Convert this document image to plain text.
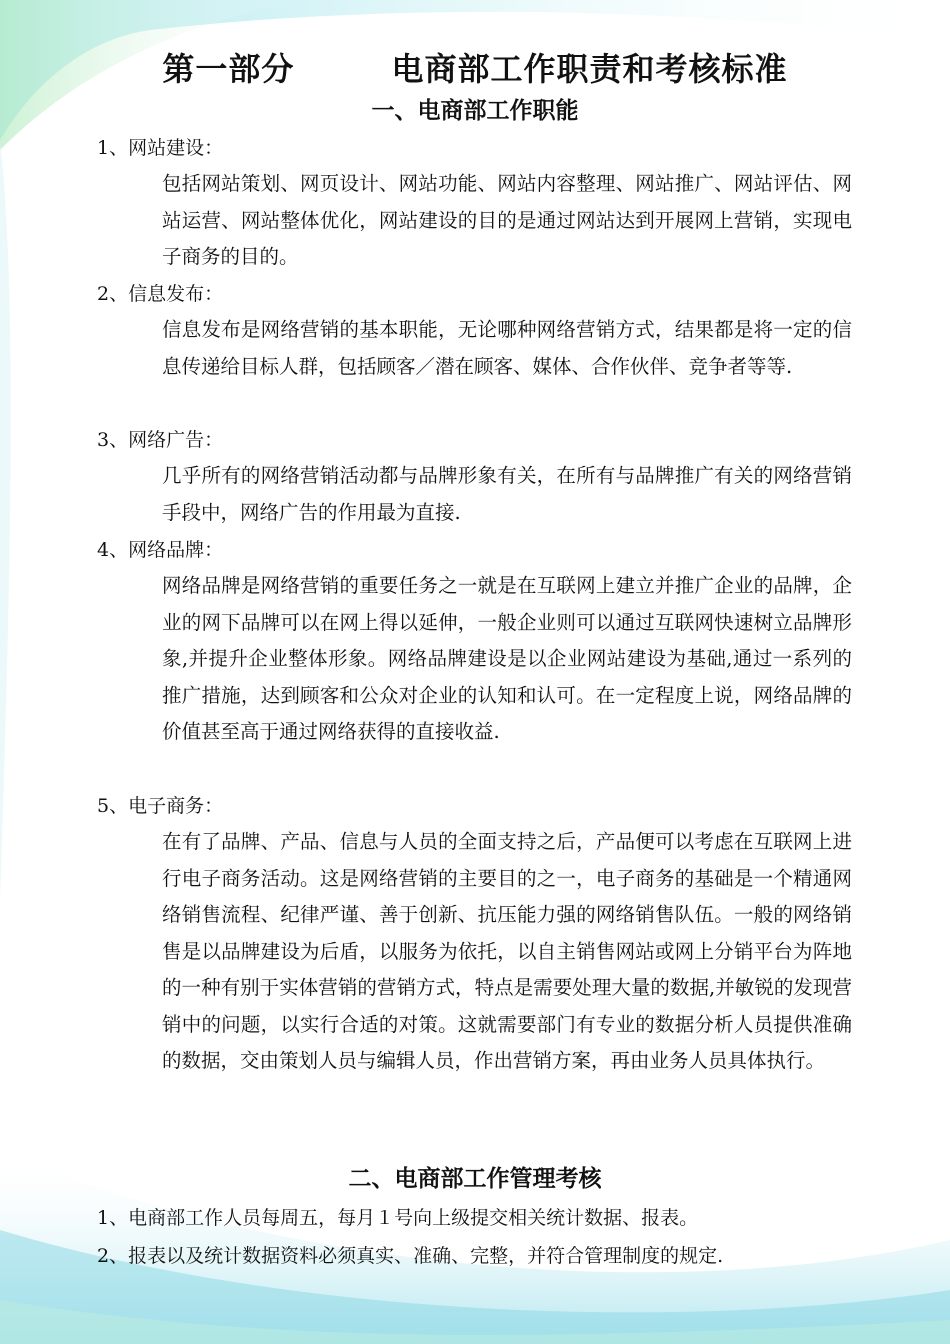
第一部分        电商部工作职责和考核标准
一、电商部工作职能
1、网站建设：
包括网站策划、网页设计、网站功能、网站内容整理、网站推广、网站评估、网站运营、网站整体优化，网站建设的目的是通过网站达到开展网上营销，实现电子商务的目的。
2、信息发布：
信息发布是网络营销的基本职能，无论哪种网络营销方式，结果都是将一定的信息传递给目标人群，包括顾客／潜在顾客、媒体、合作伙伴、竞争者等等.
3、网络广告：
几乎所有的网络营销活动都与品牌形象有关，在所有与品牌推广有关的网络营销手段中，网络广告的作用最为直接.
4、网络品牌：
网络品牌是网络营销的重要任务之一就是在互联网上建立并推广企业的品牌，企业的网下品牌可以在网上得以延伸，一般企业则可以通过互联网快速树立品牌形象,并提升企业整体形象。网络品牌建设是以企业网站建设为基础,通过一系列的推广措施，达到顾客和公众对企业的认知和认可。在一定程度上说，网络品牌的价值甚至高于通过网络获得的直接收益.
5、电子商务：
在有了品牌、产品、信息与人员的全面支持之后，产品便可以考虑在互联网上进行电子商务活动。这是网络营销的主要目的之一，电子商务的基础是一个精通网络销售流程、纪律严谨、善于创新、抗压能力强的网络销售队伍。一般的网络销售是以品牌建设为后盾，以服务为依托，以自主销售网站或网上分销平台为阵地的一种有别于实体营销的营销方式，特点是需要处理大量的数据,并敏锐的发现营销中的问题，以实行合适的对策。这就需要部门有专业的数据分析人员提供准确的数据，交由策划人员与编辑人员，作出营销方案，再由业务人员具体执行。
二、电商部工作管理考核
1、电商部工作人员每周五，每月１号向上级提交相关统计数据、报表。
2、报表以及统计数据资料必须真实、准确、完整，并符合管理制度的规定.
